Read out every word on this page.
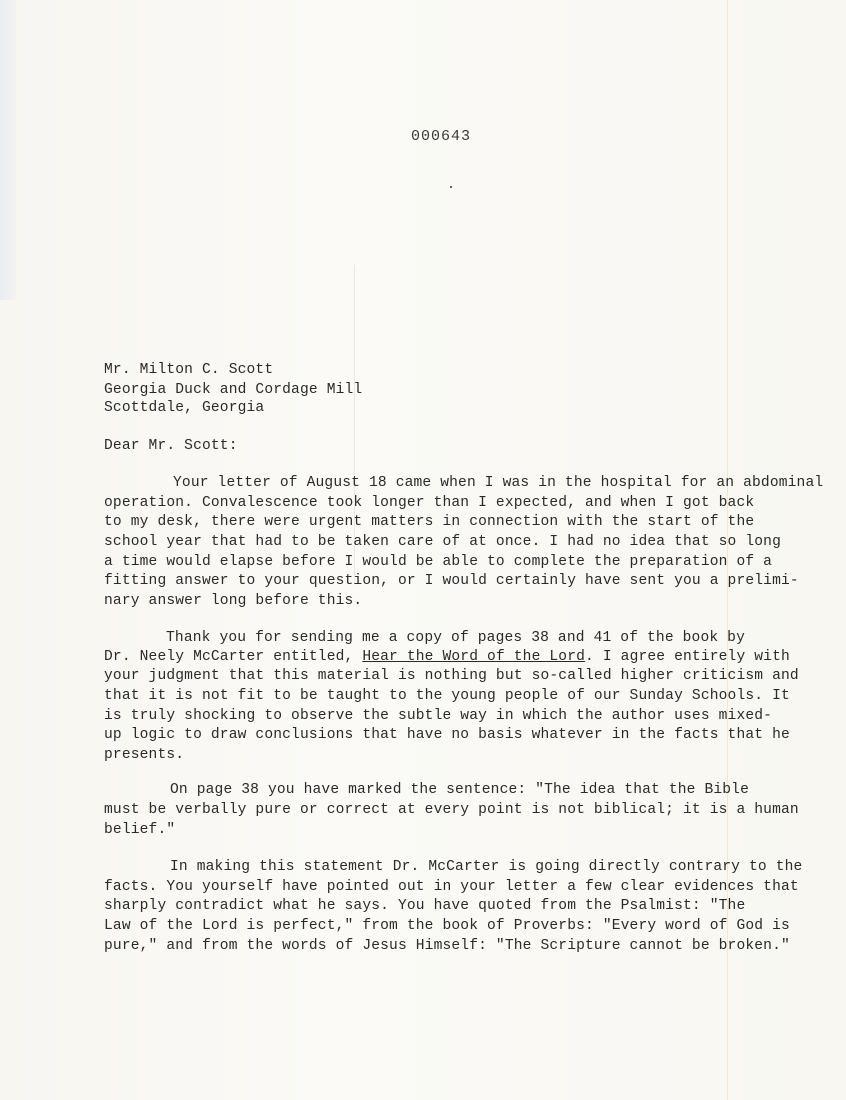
000643
Mr. Milton C. Scott
Georgia Duck and Cordage Mill
Scottdale, Georgia
Dear Mr. Scott:
Your letter of August 18 came when I was in the hospital for an abdominal
operation. Convalescence took longer than I expected, and when I got back
to my desk, there were urgent matters in connection with the start of the
school year that had to be taken care of at once. I had no idea that so long
a time would elapse before I would be able to complete the preparation of a
fitting answer to your question, or I would certainly have sent you a prelimi-
nary answer long before this.
Thank you for sending me a copy of pages 38 and 41 of the book by
Dr. Neely McCarter entitled, Hear the Word of the Lord. I agree entirely with
your judgment that this material is nothing but so-called higher criticism and
that it is not fit to be taught to the young people of our Sunday Schools. It
is truly shocking to observe the subtle way in which the author uses mixed-
up logic to draw conclusions that have no basis whatever in the facts that he
presents.
On page 38 you have marked the sentence: "The idea that the Bible
must be verbally pure or correct at every point is not biblical; it is a human
belief."
In making this statement Dr. McCarter is going directly contrary to the
facts. You yourself have pointed out in your letter a few clear evidences that
sharply contradict what he says. You have quoted from the Psalmist: "The
Law of the Lord is perfect," from the book of Proverbs: "Every word of God is
pure," and from the words of Jesus Himself: "The Scripture cannot be broken."
